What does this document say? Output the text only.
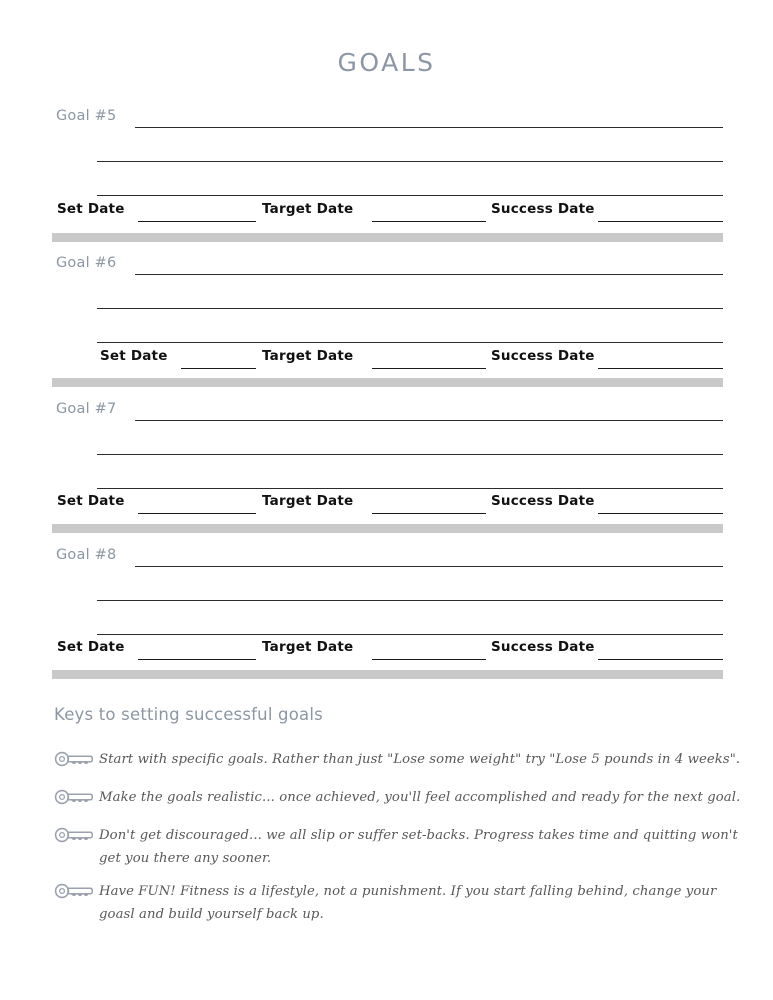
GOALS
Goal #5
Set Date	Target Date	Success Date
Goal #6
Set Date	Target Date	Success Date
Goal #7
Set Date	Target Date	Success Date
Goal #8
Set Date	Target Date	Success Date
Keys to setting successful goals
Start with specific goals. Rather than just "Lose some weight" try "Lose 5 pounds in 4 weeks".
Make the goals realistic... once achieved, you'll feel accomplished and ready for the next goal.
Don't get discouraged... we all slip or suffer set-backs. Progress takes time and quitting won't get you there any sooner.
Have FUN! Fitness is a lifestyle, not a punishment. If you start falling behind, change your goasl and build yourself back up.
